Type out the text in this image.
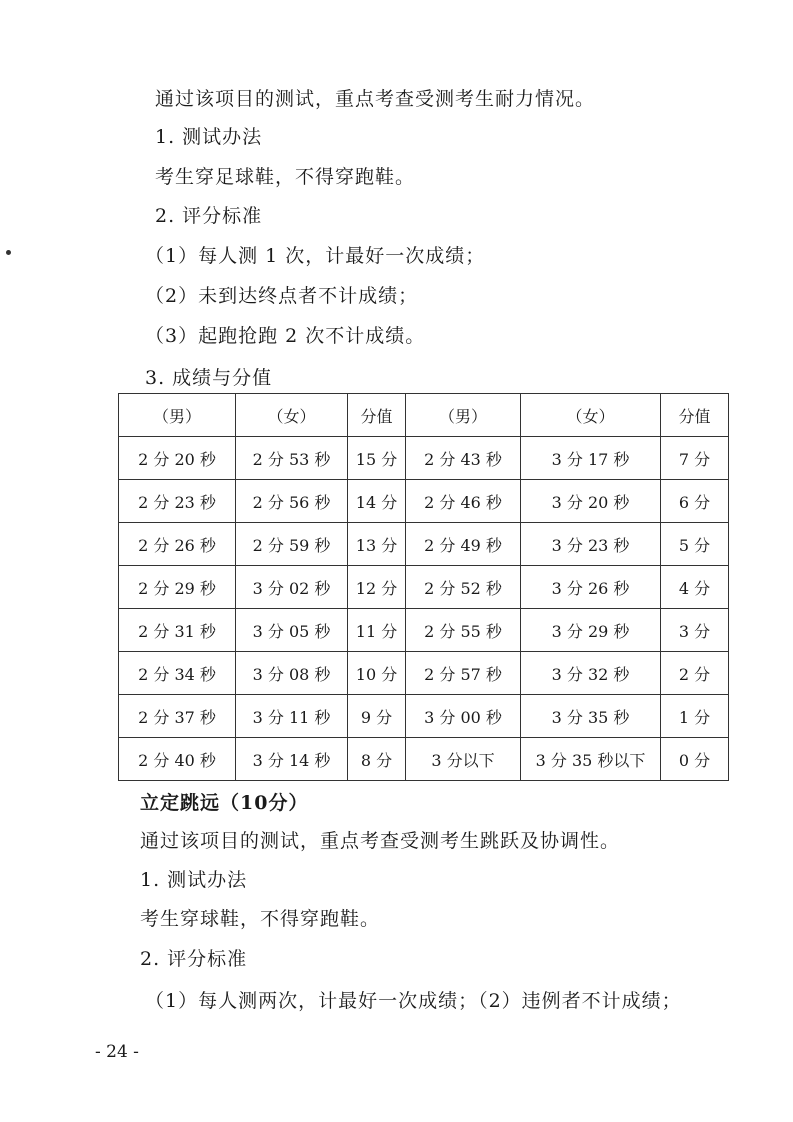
通过该项目的测试，重点考查受测考生耐力情况。
1. 测试办法
考生穿足球鞋，不得穿跑鞋。
2. 评分标准
（1）每人测 1 次，计最好一次成绩；
（2）未到达终点者不计成绩；
（3）起跑抢跑 2 次不计成绩。
3. 成绩与分值
（男）	（女）	分值	（男）	（女）	分值
2 分 20 秒	2 分 53 秒	15 分	2 分 43 秒	3 分 17 秒	7 分
2 分 23 秒	2 分 56 秒	14 分	2 分 46 秒	3 分 20 秒	6 分
2 分 26 秒	2 分 59 秒	13 分	2 分 49 秒	3 分 23 秒	5 分
2 分 29 秒	3 分 02 秒	12 分	2 分 52 秒	3 分 26 秒	4 分
2 分 31 秒	3 分 05 秒	11 分	2 分 55 秒	3 分 29 秒	3 分
2 分 34 秒	3 分 08 秒	10 分	2 分 57 秒	3 分 32 秒	2 分
2 分 37 秒	3 分 11 秒	9 分	3 分 00 秒	3 分 35 秒	1 分
2 分 40 秒	3 分 14 秒	8 分	3 分以下	3 分 35 秒以下	0 分
立定跳远（10分）
通过该项目的测试，重点考查受测考生跳跃及协调性。
1. 测试办法
考生穿球鞋，不得穿跑鞋。
2. 评分标准
（1）每人测两次，计最好一次成绩；（2）违例者不计成绩；
- 24 -
